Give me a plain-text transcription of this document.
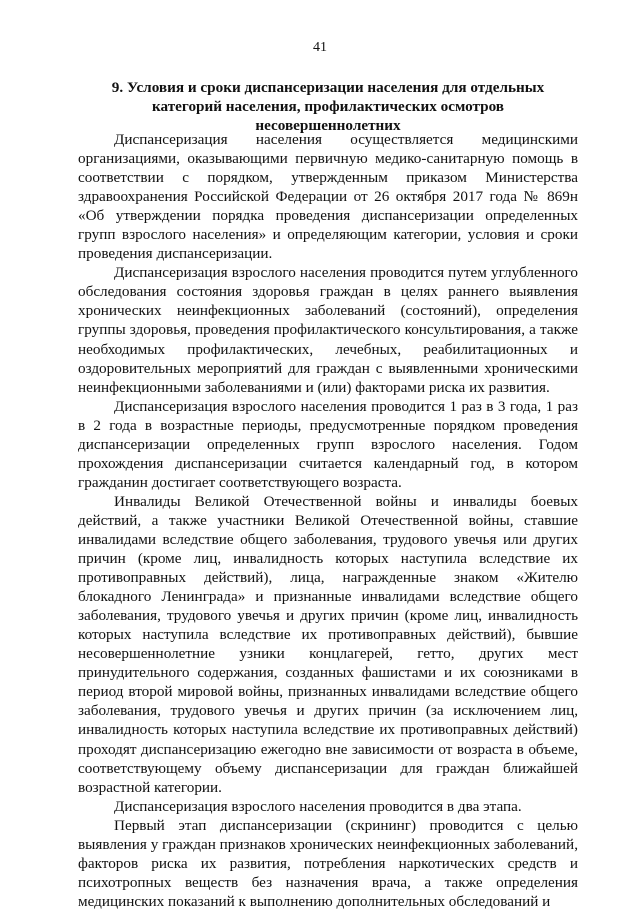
41
9. Условия и сроки диспансеризации населения для отдельных категорий населения, профилактических осмотров несовершеннолетних

Диспансеризация населения осуществляется медицинскими организациями, оказывающими первичную медико-санитарную помощь в соответствии с порядком, утвержденным приказом Министерства здравоохранения Российской Федерации от 26 октября 2017 года № 869н «Об утверждении порядка проведения диспансеризации определенных групп взрослого населения» и определяющим категории, условия и сроки проведения диспансеризации.

Диспансеризация взрослого населения проводится путем углубленного обследования состояния здоровья граждан в целях раннего выявления хронических неинфекционных заболеваний (состояний), определения группы здоровья, проведения профилактического консультирования, а также необходимых профилактических, лечебных, реабилитационных и оздоровительных мероприятий для граждан с выявленными хроническими неинфекционными заболеваниями и (или) факторами риска их развития.

Диспансеризация взрослого населения проводится 1 раз в 3 года, 1 раз в 2 года в возрастные периоды, предусмотренные порядком проведения диспансеризации определенных групп взрослого населения. Годом прохождения диспансеризации считается календарный год, в котором гражданин достигает соответствующего возраста.

Инвалиды Великой Отечественной войны и инвалиды боевых действий, а также участники Великой Отечественной войны, ставшие инвалидами вследствие общего заболевания, трудового увечья или других причин (кроме лиц, инвалидность которых наступила вследствие их противоправных действий), лица, награжденные знаком «Жителю блокадного Ленинграда» и признанные инвалидами вследствие общего заболевания, трудового увечья и других причин (кроме лиц, инвалидность которых наступила вследствие их противоправных действий), бывшие несовершеннолетние узники концлагерей, гетто, других мест принудительного содержания, созданных фашистами и их союзниками в период второй мировой войны, признанных инвалидами вследствие общего заболевания, трудового увечья и других причин (за исключением лиц, инвалидность которых наступила вследствие их противоправных действий) проходят диспансеризацию ежегодно вне зависимости от возраста в объеме, соответствующему объему диспансеризации для граждан ближайшей возрастной категории.

Диспансеризация взрослого населения проводится в два этапа.

Первый этап диспансеризации (скрининг) проводится с целью выявления у граждан признаков хронических неинфекционных заболеваний, факторов риска их развития, потребления наркотических средств и психотропных веществ без назначения врача, а также определения медицинских показаний к выполнению дополнительных обследований и
